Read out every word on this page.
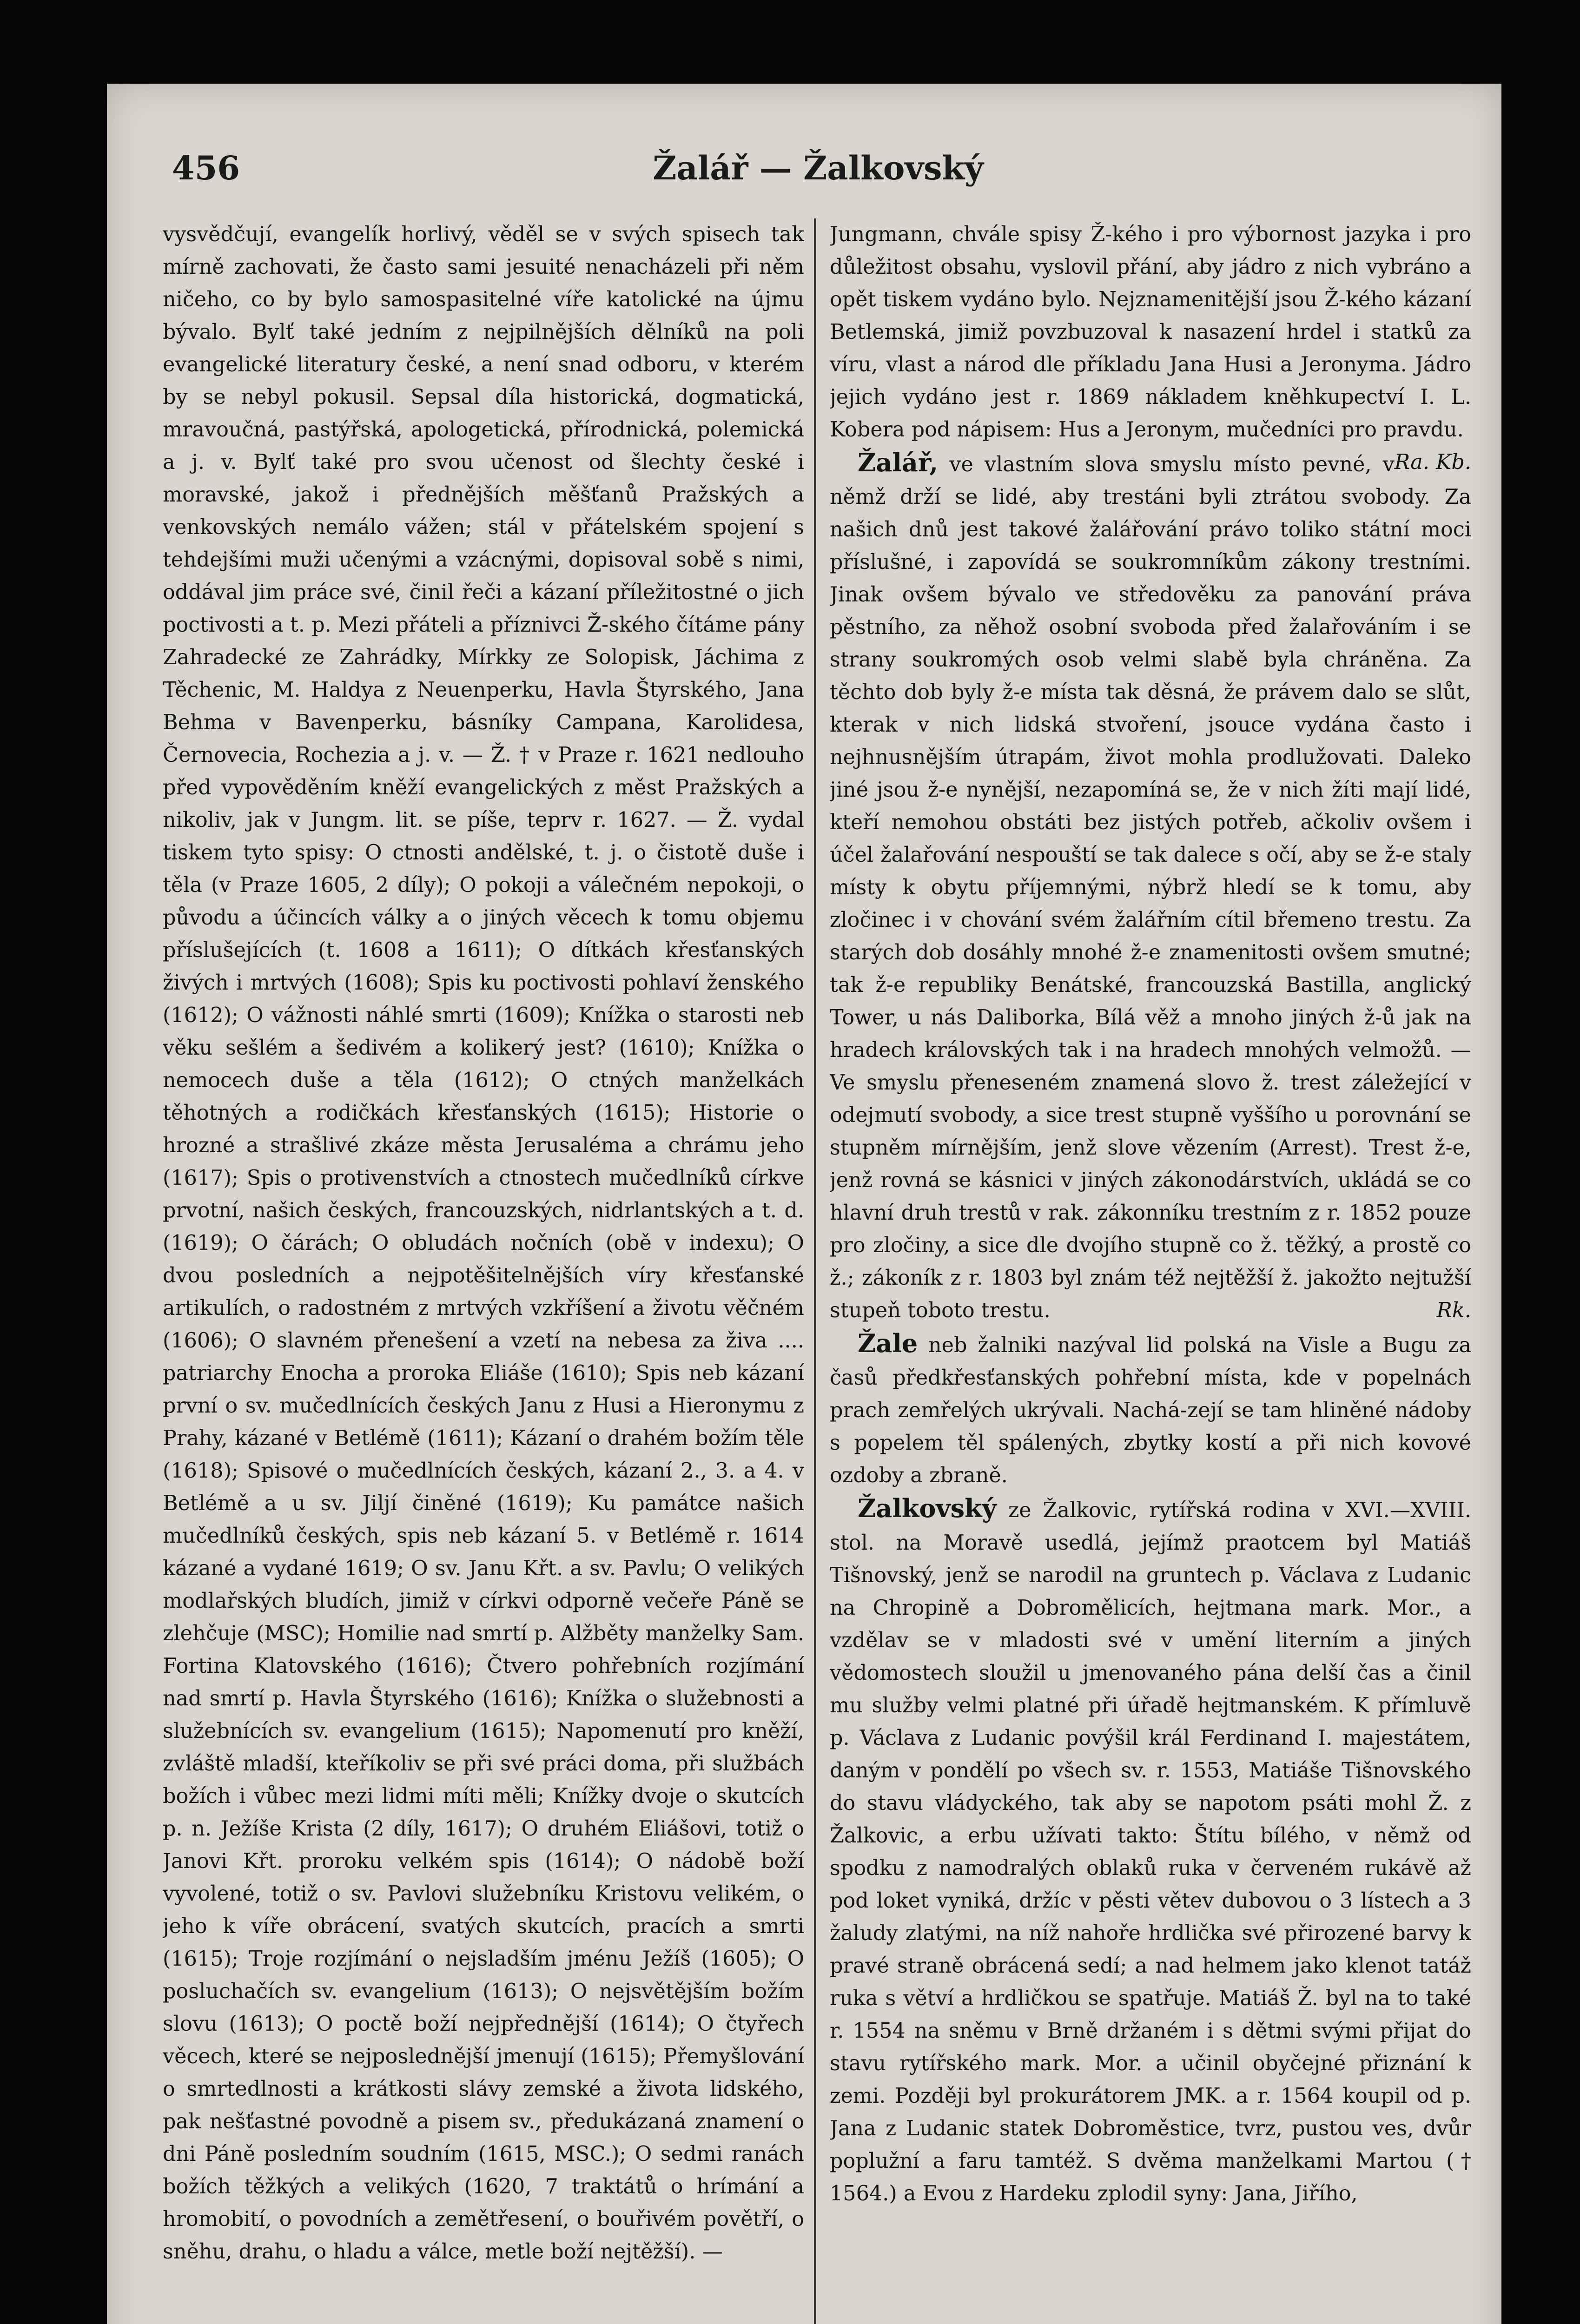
456	Žalář — Žalkovský

vysvědčují, evangelík horlivý, věděl se v svých spisech tak mírně zachovati, že často sami jesuité nenacházeli při něm ničeho, co by bylo samospasitelné víře katolické na újmu bývalo. Bylť také jedním z nejpilnějších dělníků na poli evangelické literatury české, a není snad odboru, v kterém by se nebyl pokusil. Sepsal díla historická, dogmatická, mravoučná, pastýřská, apologetická, přírodnická, polemická a j. v. Bylť také pro svou učenost od šlechty české i moravské, jakož i přednějších měšťanů Pražských a venkovských nemálo vážen; stál v přátelském spojení s tehdejšími muži učenými a vzácnými, dopisoval sobě s nimi, oddával jim práce své, činil řeči a kázaní příležitostné o jich poctivosti a t. p. Mezi přáteli a příznivci Ž-ského čítáme pány Zahradecké ze Zahrádky, Mírkky ze Solopisk, Jáchima z Těchenic, M. Haldya z Neuenperku, Havla Štyrského, Jana Behma v Bavenperku, básníky Campana, Karolidesa, Černovecia, Rochezia a j. v. — Ž. † v Praze r. 1621 nedlouho před vypověděním kněží evangelických z měst Pražských a nikoliv, jak v Jungm. lit. se píše, teprv r. 1627. — Ž. vydal tiskem tyto spisy: O ctnosti andělské, t. j. o čistotě duše i těla (v Praze 1605, 2 díly); O pokoji a válečném nepokoji, o původu a účincích války a o jiných věcech k tomu objemu příslušejících (t. 1608 a 1611); O dítkách křesťanských živých i mrtvých (1608); Spis ku poctivosti pohlaví ženského (1612); O vážnosti náhlé smrti (1609); Knížka o starosti neb věku sešlém a šedivém a kolikerý jest? (1610); Knížka o nemocech duše a těla (1612); O ctných manželkách těhotných a rodičkách křesťanských (1615); Historie o hrozné a strašlivé zkáze města Jerusaléma a chrámu jeho (1617); Spis o protivenstvích a ctnostech mučedlníků církve prvotní, našich českých, francouzských, nidrlantských a t. d. (1619); O čárách; O obludách nočních (obě v indexu); O dvou posledních a nejpotěšitelnějších víry křesťanské artikulích, o radostném z mrtvých vzkříšení a životu věčném (1606); O slavném přenešení a vzetí na nebesa za živa .... patriarchy Enocha a proroka Eliáše (1610); Spis neb kázaní první o sv. mučedlnících českých Janu z Husi a Hieronymu z Prahy, kázané v Betlémě (1611); Kázaní o drahém božím těle (1618); Spisové o mučedlnících českých, kázaní 2., 3. a 4. v Betlémě a u sv. Jiljí činěné (1619); Ku památce našich mučedlníků českých, spis neb kázaní 5. v Betlémě r. 1614 kázané a vydané 1619; O sv. Janu Křt. a sv. Pavlu; O velikých modlařských bludích, jimiž v církvi odporně večeře Páně se zlehčuje (MSC); Homilie nad smrtí p. Alžběty manželky Sam. Fortina Klatovského (1616); Čtvero pohřebních rozjímání nad smrtí p. Havla Štyrského (1616); Knížka o služebnosti a služebnících sv. evangelium (1615); Napomenutí pro kněží, zvláště mladší, kteříkoliv se při své práci doma, při službách božích i vůbec mezi lidmi míti měli; Knížky dvoje o skutcích p. n. Ježíše Krista (2 díly, 1617); O druhém Eliášovi, totiž o Janovi Křt. proroku velkém spis (1614); O nádobě boží vyvolené, totiž o sv. Pavlovi služebníku Kristovu velikém, o jeho k víře obrácení, svatých skutcích, pracích a smrti (1615); Troje rozjímání o nejsladším jménu Ježíš (1605); O posluchačích sv. evangelium (1613); O nejsvětějším božím slovu (1613); O poctě boží nejpřednější (1614); O čtyřech věcech, které se nejposlednější jmenují (1615); Přemyšlování o smrtedlnosti a krátkosti slávy zemské a života lidského, pak nešťastné povodně a pisem sv., předukázaná znamení o dni Páně posledním soudním (1615, MSC.); O sedmi ranách božích těžkých a velikých (1620, 7 traktátů o hrímání a hromobití, o povodních a zemětřesení, o bouřivém povětří, o sněhu, drahu, o hladu a válce, metle boží nejtěžší). —

Jungmann, chvále spisy Ž-kého i pro výbornost jazyka i pro důležitost obsahu, vyslovil přání, aby jádro z nich vybráno a opět tiskem vydáno bylo. Nejznamenitější jsou Ž-kého kázaní Betlemská, jimiž povzbuzoval k nasazení hrdel i statků za víru, vlast a národ dle příkladu Jana Husi a Jeronyma. Jádro jejich vydáno jest r. 1869 nákladem kněhkupectví I. L. Kobera pod nápisem: Hus a Jeronym, mučedníci pro pravdu.
Ra. Kb.

Žalář, ve vlastním slova smyslu místo pevné, v němž drží se lidé, aby trestáni byli ztrátou svobody. Za našich dnů jest takové žalářování právo toliko státní moci příslušné, i zapovídá se soukromníkům zákony trestními. Jinak ovšem bývalo ve středověku za panování práva pěstního, za něhož osobní svoboda před žalařováním i se strany soukromých osob velmi slabě byla chráněna. Za těchto dob byly ž-e místa tak děsná, že právem dalo se slůt, kterak v nich lidská stvoření, jsouce vydána často i nejhnusnějším útrapám, život mohla prodlužovati. Daleko jiné jsou ž-e nynější, nezapomíná se, že v nich žíti mají lidé, kteří nemohou obstáti bez jistých potřeb, ačkoliv ovšem i účel žalařování nespouští se tak dalece s očí, aby se ž-e staly místy k obytu příjemnými, nýbrž hledí se k tomu, aby zločinec i v chování svém žalářním cítil břemeno trestu. Za starých dob dosáhly mnohé ž-e znamenitosti ovšem smutné; tak ž-e republiky Benátské, francouzská Bastilla, anglický Tower, u nás Daliborka, Bílá věž a mnoho jiných ž-ů jak na hradech královských tak i na hradech mnohých velmožů. — Ve smyslu přeneseném znamená slovo ž. trest záležející v odejmutí svobody, a sice trest stupně vyššího u porovnání se stupněm mírnějším, jenž slove vězením (Arrest). Trest ž-e, jenž rovná se kásnici v jiných zákonodárstvích, ukládá se co hlavní druh trestů v rak. zákonníku trestním z r. 1852 pouze pro zločiny, a sice dle dvojího stupně co ž. těžký, a prostě co ž.; zákoník z r. 1803 byl znám též nejtěžší ž. jakožto nejtužší stupeň toboto trestu.	Rk.

Žale neb žalniki nazýval lid polská na Visle a Bugu za časů předkřesťanských pohřební místa, kde v popelnách prach zemřelých ukrývali. Nachá-zejí se tam hliněné nádoby s popelem těl spálených, zbytky kostí a při nich kovové ozdoby a zbraně.

Žalkovský ze Žalkovic, rytířská rodina v XVI.—XVIII. stol. na Moravě usedlá, jejímž praotcem byl Matiáš Tišnovský, jenž se narodil na gruntech p. Václava z Ludanic na Chropině a Dobromělicích, hejtmana mark. Mor., a vzdělav se v mladosti své v umění literním a jiných vědomostech sloužil u jmenovaného pána delší čas a činil mu služby velmi platné při úřadě hejtmanském. K přímluvě p. Václava z Ludanic povýšil král Ferdinand I. majestátem, daným v pondělí po všech sv. r. 1553, Matiáše Tišnovského do stavu vládyckého, tak aby se napotom psáti mohl Ž. z Žalkovic, a erbu užívati takto: Štítu bílého, v němž od spodku z namodralých oblaků ruka v červeném rukávě až pod loket vyniká, držíc v pěsti větev dubovou o 3 lístech a 3 žaludy zlatými, na níž nahoře hrdlička své přirozené barvy k pravé straně obrácená sedí; a nad helmem jako klenot tatáž ruka s větví a hrdličkou se spatřuje. Matiáš Ž. byl na to také r. 1554 na sněmu v Brně držaném i s dětmi svými přijat do stavu rytířského mark. Mor. a učinil obyčejné přiznání k zemi. Později byl prokurátorem JMK. a r. 1564 koupil od p. Jana z Ludanic statek Dobroměstice, tvrz, pustou ves, dvůr poplužní a faru tamtéž. S dvěma manželkami Martou († 1564.) a Evou z Hardeku zplodil syny: Jana, Jiřího,
